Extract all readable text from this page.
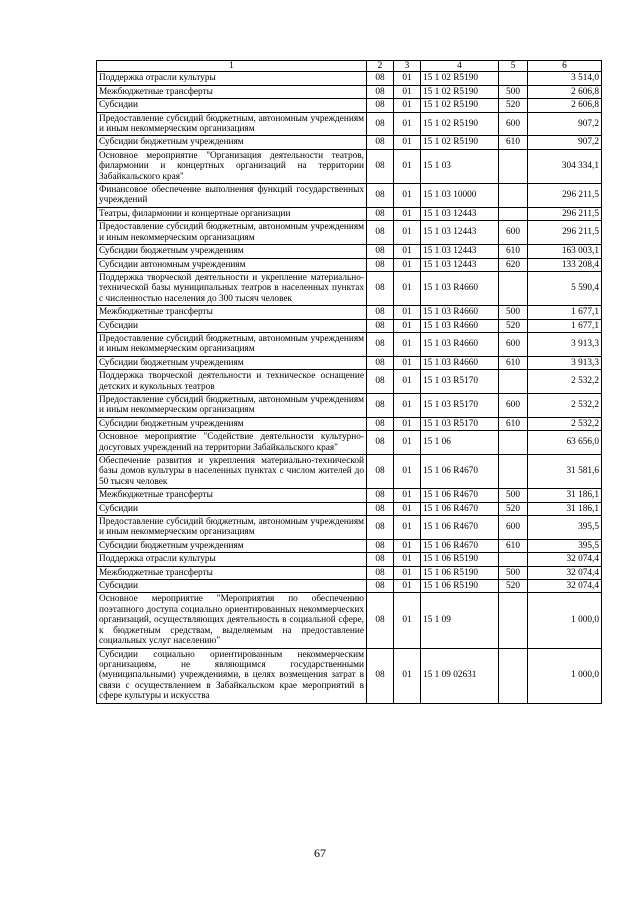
1	2	3	4	5	6
Поддержка отрасли культуры	08	01	15 1 02 R5190		3 514,0
Межбюджетные трансферты	08	01	15 1 02 R5190	500	2 606,8
Субсидии	08	01	15 1 02 R5190	520	2 606,8
Предоставление субсидий бюджетным, автономным учреждениям и иным некоммерческим организациям	08	01	15 1 02 R5190	600	907,2
Субсидии бюджетным учреждениям	08	01	15 1 02 R5190	610	907,2
Основное мероприятие "Организация деятельности театров, филармонии и концертных организаций на территории Забайкальского края"	08	01	15 1 03		304 334,1
Финансовое обеспечение выполнения функций государственных учреждений	08	01	15 1 03 10000		296 211,5
Театры, филармонии и концертные организации	08	01	15 1 03 12443		296 211,5
Предоставление субсидий бюджетным, автономным учреждениям и иным некоммерческим организациям	08	01	15 1 03 12443	600	296 211,5
Субсидии бюджетным учреждениям	08	01	15 1 03 12443	610	163 003,1
Субсидии автономным учреждениям	08	01	15 1 03 12443	620	133 208,4
Поддержка творческой деятельности и укрепление материально-технической базы муниципальных театров в населенных пунктах с численностью населения до 300 тысяч человек	08	01	15 1 03 R4660		5 590,4
Межбюджетные трансферты	08	01	15 1 03 R4660	500	1 677,1
Субсидии	08	01	15 1 03 R4660	520	1 677,1
Предоставление субсидий бюджетным, автономным учреждениям и иным некоммерческим организациям	08	01	15 1 03 R4660	600	3 913,3
Субсидии бюджетным учреждениям	08	01	15 1 03 R4660	610	3 913,3
Поддержка творческой деятельности и техническое оснащение детских и кукольных театров	08	01	15 1 03 R5170		2 532,2
Предоставление субсидий бюджетным, автономным учреждениям и иным некоммерческим организациям	08	01	15 1 03 R5170	600	2 532,2
Субсидии бюджетным учреждениям	08	01	15 1 03 R5170	610	2 532,2
Основное мероприятие "Содействие деятельности культурно-досуговых учреждений на территории Забайкальского края"	08	01	15 1 06		63 656,0
Обеспечение развития и укрепления материально-технической базы домов культуры в населенных пунктах с числом жителей до 50 тысяч человек	08	01	15 1 06 R4670		31 581,6
Межбюджетные трансферты	08	01	15 1 06 R4670	500	31 186,1
Субсидии	08	01	15 1 06 R4670	520	31 186,1
Предоставление субсидий бюджетным, автономным учреждениям и иным некоммерческим организациям	08	01	15 1 06 R4670	600	395,5
Субсидии бюджетным учреждениям	08	01	15 1 06 R4670	610	395,5
Поддержка отрасли культуры	08	01	15 1 06 R5190		32 074,4
Межбюджетные трансферты	08	01	15 1 06 R5190	500	32 074,4
Субсидии	08	01	15 1 06 R5190	520	32 074,4
Основное мероприятие "Мероприятия по обеспечению поэтапного доступа социально ориентированных некоммерческих организаций, осуществляющих деятельность в социальной сфере, к бюджетным средствам, выделяемым на предоставление социальных услуг населению"	08	01	15 1 09		1 000,0
Субсидии социально ориентированным некоммерческим организациям, не являющимся государственными (муниципальными) учреждениями, в целях возмещения затрат в связи с осуществлением в Забайкальском крае мероприятий в сфере культуры и искусства	08	01	15 1 09 02631		1 000,0
67
